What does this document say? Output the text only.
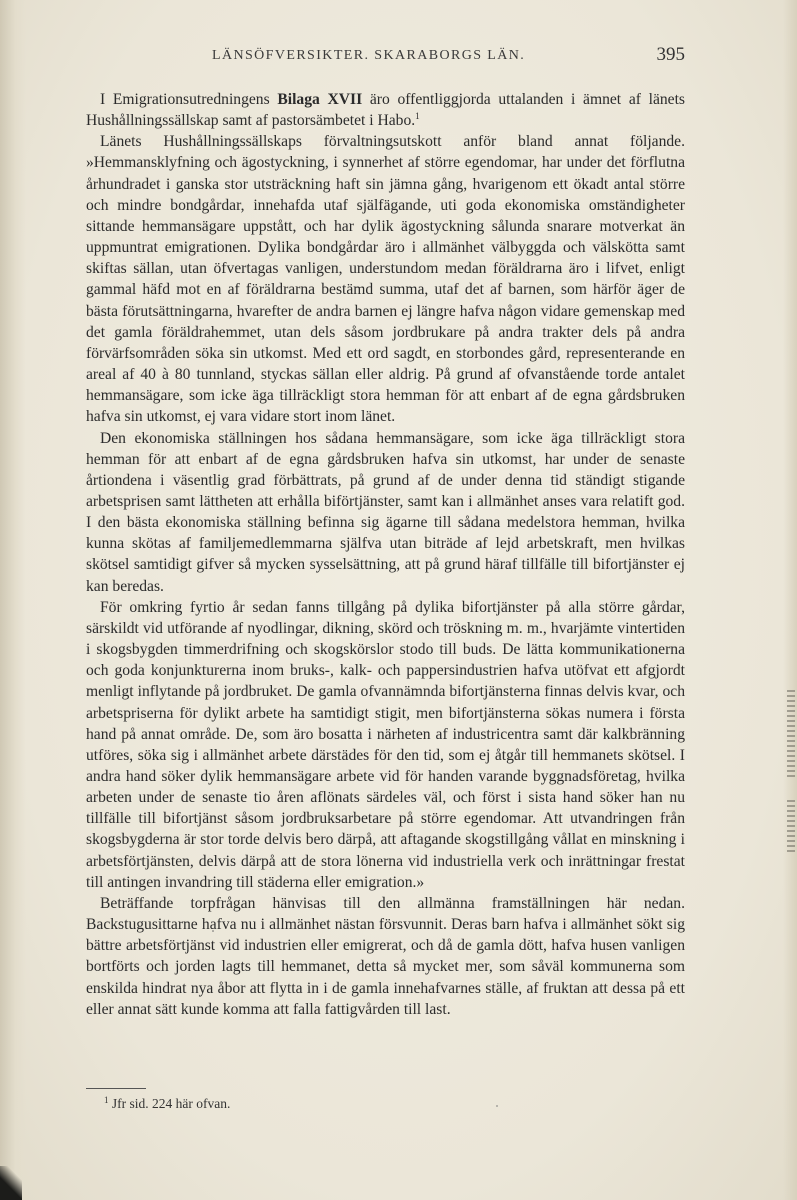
LÄNSÖFVERSIKTER. SKARABORGS LÄN.	395

I Emigrationsutredningens Bilaga XVII äro offentliggjorda uttalanden i ämnet af länets Hushållningssällskap samt af pastorsämbetet i Habo.$^1$

Länets Hushållningssällskaps förvaltningsutskott anför bland annat följande. »Hemmansklyfning och ägostyckning, i synnerhet af större egendomar, har under det förflutna århundradet i ganska stor utsträckning haft sin jämna gång, hvarigenom ett ökadt antal större och mindre bondgårdar, innehafda utaf själfägande, uti goda ekonomiska omständigheter sittande hemmansägare uppstått, och har dylik ägostyckning sålunda snarare motverkat än uppmuntrat emigrationen. Dylika bondgårdar äro i allmänhet välbyggda och välskötta samt skiftas sällan, utan öfvertagas vanligen, understundom medan föräldrarna äro i lifvet, enligt gammal häfd mot en af föräldrarna bestämd summa, utaf det af barnen, som härför äger de bästa förutsättningarna, hvarefter de andra barnen ej längre hafva någon vidare gemenskap med det gamla föräldrahemmet, utan dels såsom jordbrukare på andra trakter dels på andra förvärfsområden söka sin utkomst. Med ett ord sagdt, en storbondes gård, representerande en areal af 40 à 80 tunnland, styckas sällan eller aldrig. På grund af ofvanstående torde antalet hemmansägare, som icke äga tillräckligt stora hemman för att enbart af de egna gårdsbruken hafva sin utkomst, ej vara vidare stort inom länet.

Den ekonomiska ställningen hos sådana hemmansägare, som icke äga tillräckligt stora hemman för att enbart af de egna gårdsbruken hafva sin utkomst, har under de senaste årtiondena i väsentlig grad förbättrats, på grund af de under denna tid ständigt stigande arbetsprisen samt lättheten att erhålla biförtjänster, samt kan i allmänhet anses vara relatift god. I den bästa ekonomiska ställning befinna sig ägarne till sådana medelstora hemman, hvilka kunna skötas af familjemedlemmarna själfva utan biträde af lejd arbetskraft, men hvilkas skötsel samtidigt gifver så mycken sysselsättning, att på grund häraf tillfälle till bifortjänster ej kan beredas.

För omkring fyrtio år sedan fanns tillgång på dylika bifortjänster på alla större gårdar, särskildt vid utförande af nyodlingar, dikning, skörd och tröskning m. m., hvarjämte vintertiden i skogsbygden timmerdrifning och skogskörslor stodo till buds. De lätta kommunikationerna och goda konjunkturerna inom bruks-, kalk- och pappersindustrien hafva utöfvat ett afgjordt menligt inflytande på jordbruket. De gamla ofvannämnda bifortjänsterna finnas delvis kvar, och arbetspriserna för dylikt arbete ha samtidigt stigit, men bifortjänsterna sökas numera i första hand på annat område. De, som äro bosatta i närheten af industricentra samt där kalkbränning utföres, söka sig i allmänhet arbete därstädes för den tid, som ej åtgår till hemmanets skötsel. I andra hand söker dylik hemmansägare arbete vid för handen varande byggnadsföretag, hvilka arbeten under de senaste tio åren aflönats särdeles väl, och först i sista hand söker han nu tillfälle till bifortjänst såsom jordbruksarbetare på större egendomar. Att utvandringen från skogsbygderna är stor torde delvis bero därpå, att aftagande skogstillgång vållat en minskning i arbetsförtjänsten, delvis därpå att de stora lönerna vid industriella verk och inrättningar frestat till antingen invandring till städerna eller emigration.»

Beträffande torpfrågan hänvisas till den allmänna framställningen här nedan. Backstugusittarne hafva nu i allmänhet nästan försvunnit. Deras barn hafva i allmänhet sökt sig bättre arbetsförtjänst vid industrien eller emigrerat, och då de gamla dött, hafva husen vanligen bortförts och jorden lagts till hemmanet, detta så mycket mer, som såväl kommunerna som enskilda hindrat nya åbor att flytta in i de gamla innehafvarnes ställe, af fruktan att dessa på ett eller annat sätt kunde komma att falla fattigvården till last.

$^1$ Jfr sid. 224 här ofvan.
